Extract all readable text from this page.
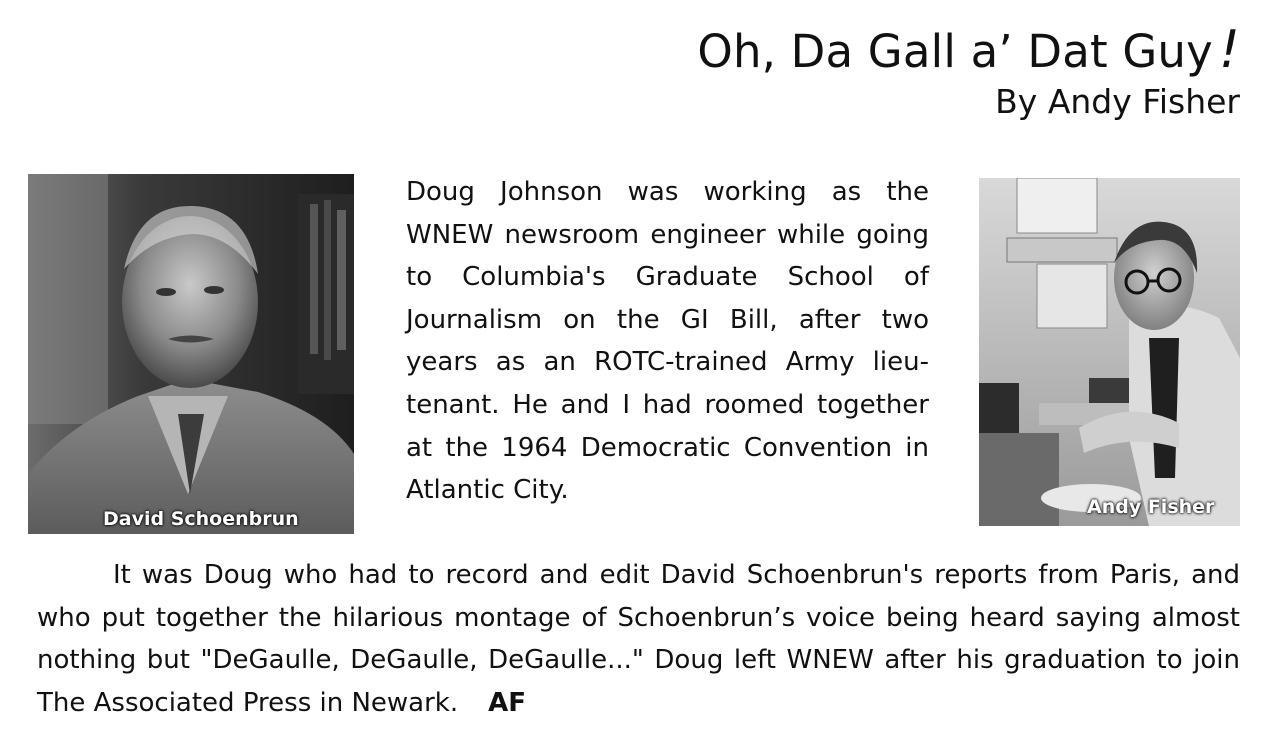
Oh, Da Gall a’ Dat Guy !
By Andy Fisher
David Schoenbrun

Doug Johnson was working as the WNEW newsroom engineer while going to Columbia's Graduate School of Journalism on the GI Bill, after two years as an ROTC-trained Army lieutenant. He and I had roomed together at the 1964 Democratic Convention in Atlantic City.

Andy Fisher

It was Doug who had to record and edit David Schoenbrun's reports from Paris, and who put together the hilarious montage of Schoenbrun’s voice being heard saying almost nothing but "DeGaulle, DeGaulle, DeGaulle..." Doug left WNEW after his graduation to join The Associated Press in Newark. AF
